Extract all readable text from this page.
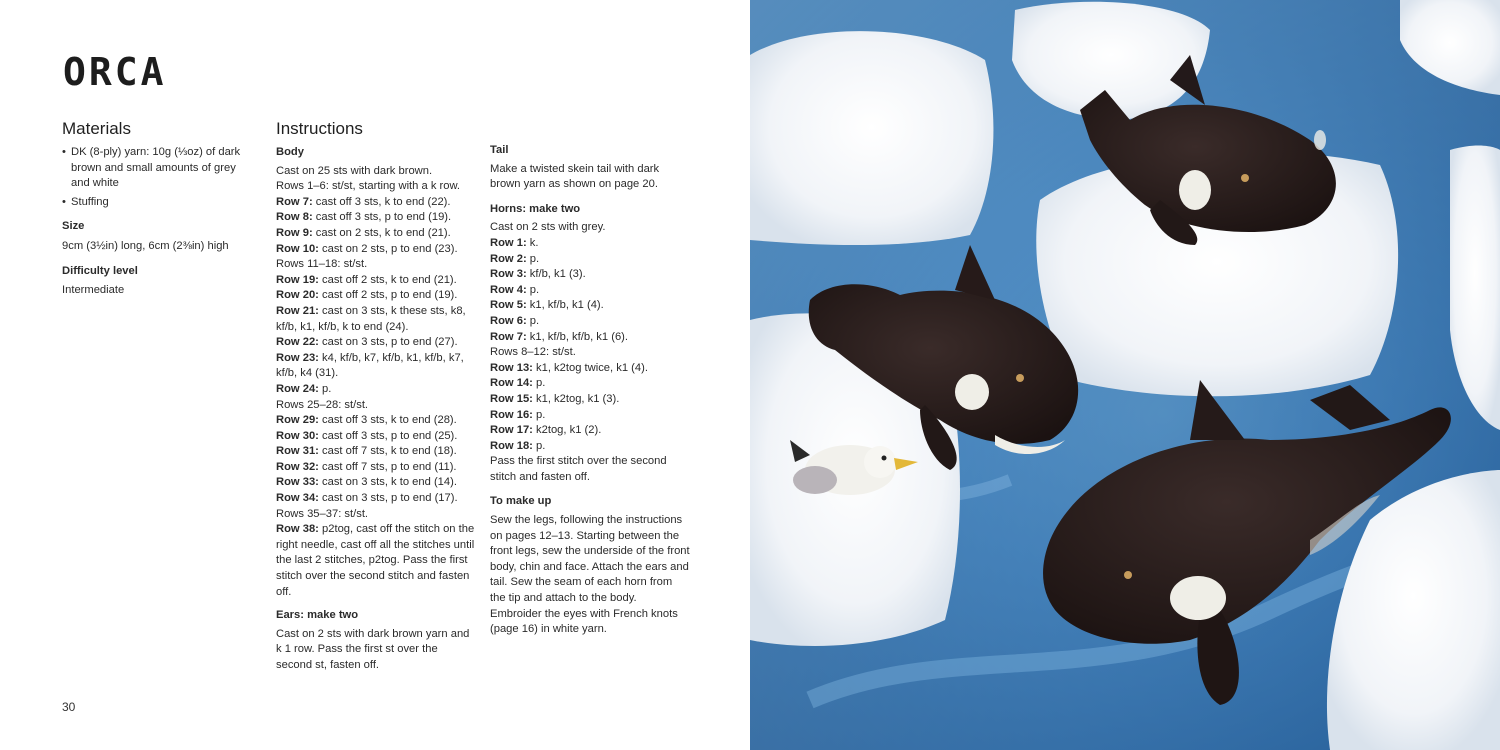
ORCA
Materials
• DK (8-ply) yarn: 10g (⅓oz) of dark brown and small amounts of grey and white
• Stuffing

Size

9cm (3½in) long, 6cm (2⅜in) high

Difficulty level

Intermediate

Instructions

Body

Cast on 25 sts with dark brown.

Rows 1–6: st/st, starting with a k row.

Row 7: cast off 3 sts, k to end (22).

Row 8: cast off 3 sts, p to end (19).

Row 9: cast on 2 sts, k to end (21).

Row 10: cast on 2 sts, p to end (23).

Rows 11–18: st/st.

Row 19: cast off 2 sts, k to end (21).

Row 20: cast off 2 sts, p to end (19).

Row 21: cast on 3 sts, k these sts, k8, kf/b, k1, kf/b, k to end (24).

Row 22: cast on 3 sts, p to end (27).

Row 23: k4, kf/b, k7, kf/b, k1, kf/b, k7, kf/b, k4 (31).

Row 24: p.

Rows 25–28: st/st.

Row 29: cast off 3 sts, k to end (28).

Row 30: cast off 3 sts, p to end (25).

Row 31: cast off 7 sts, k to end (18).

Row 32: cast off 7 sts, p to end (11).

Row 33: cast on 3 sts, k to end (14).

Row 34: cast on 3 sts, p to end (17).

Rows 35–37: st/st.

Row 38: p2tog, cast off the stitch on the right needle, cast off all the stitches until the last 2 stitches, p2tog. Pass the first stitch over the second stitch and fasten off.

Ears: make two

Cast on 2 sts with dark brown yarn and k 1 row. Pass the first st over the second st, fasten off.

Tail

Make a twisted skein tail with dark brown yarn as shown on page 20.

Horns: make two

Cast on 2 sts with grey.

Row 1: k.

Row 2: p.

Row 3: kf/b, k1 (3).

Row 4: p.

Row 5: k1, kf/b, k1 (4).

Row 6: p.

Row 7: k1, kf/b, kf/b, k1 (6).

Rows 8–12: st/st.

Row 13: k1, k2tog twice, k1 (4).

Row 14: p.

Row 15: k1, k2tog, k1 (3).

Row 16: p.

Row 17: k2tog, k1 (2).

Row 18: p.

Pass the first stitch over the second stitch and fasten off.

To make up

Sew the legs, following the instructions on pages 12–13. Starting between the front legs, sew the underside of the front body, chin and face. Attach the ears and tail. Sew the seam of each horn from the tip and attach to the body. Embroider the eyes with French knots (page 16) in white yarn.

30
